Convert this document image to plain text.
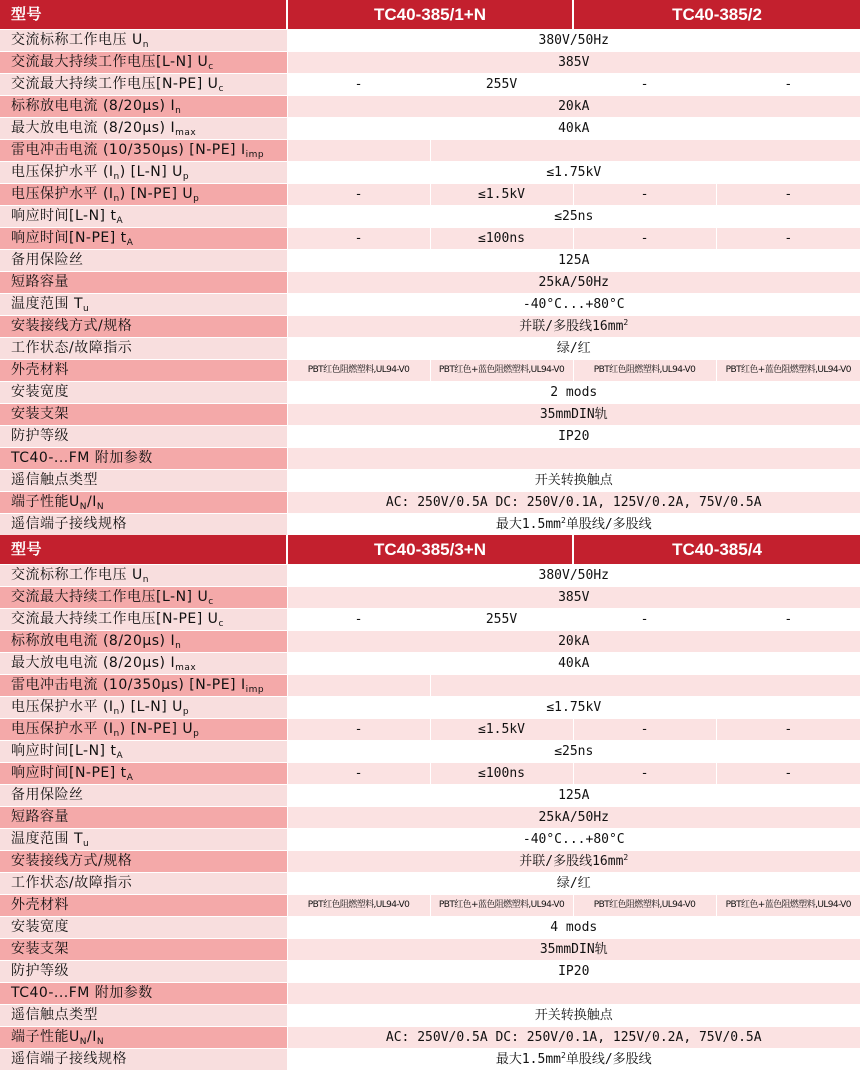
型号	TC40-385/1+N		TC40-385/2	
交流标称工作电压 $U_n$	380V/50Hz			
交流最大持续工作电压[L-N] $U_c$	385V			
交流最大持续工作电压[N-PE] $U_c$	-	255V	-	-
标称放电电流 (8/20μs) $I_n$	20kA			
最大放电电流 (8/20μs) $I_{max}$	40kA			
雷电冲击电流 (10/350μs) [N-PE] $I_{imp}$		
电压保护水平 $(I_n)$ [L-N] $U_p$	≤1.75kV			
电压保护水平 $(I_n)$ [N-PE] $U_p$	-	≤1.5kV	-	-
响应时间[L-N] $t_A$	≤25ns			
响应时间[N-PE] $t_A$	-	≤100ns	-	-
备用保险丝	125A			
短路容量	25kA/50Hz			
温度范围 $T_u$	-40°C...+80°C			
安装接线方式/规格	并联/多股线$16mm^2$
工作状态/故障指示	绿/红			
外壳材料	PBT红色阻燃塑料,UL94-V0	PBT红色+蓝色阻燃塑料,UL94-V0	PBT红色阻燃塑料,UL94-V0	PBT红色+蓝色阻燃塑料,UL94-V0
安装宽度	2 mods			
安装支架	35mmDIN轨			
防护等级	IP20			
TC40-...FM 附加参数				
遥信触点类型	开关转换触点			
端子性能$U_N/I_N$	AC: 250V/0.5A DC: 250V/0.1A, 125V/0.2A, 75V/0.5A			
遥信端子接线规格	最大$1.5mm^2$单股线/多股线			
型号	TC40-385/3+N		TC40-385/4	
交流标称工作电压 $U_n$	380V/50Hz			
交流最大持续工作电压[L-N] $U_c$	385V			
交流最大持续工作电压[N-PE] $U_c$	-	255V	-	-
标称放电电流 (8/20μs) $I_n$	20kA			
最大放电电流 (8/20μs) $I_{max}$	40kA			
雷电冲击电流 (10/350μs) [N-PE] $I_{imp}$		
电压保护水平 $(I_n)$ [L-N] $U_p$	≤1.75kV			
电压保护水平 $(I_n)$ [N-PE] $U_p$	-	≤1.5kV	-	-
响应时间[L-N] $t_A$	≤25ns			
响应时间[N-PE] $t_A$	-	≤100ns	-	-
备用保险丝	125A			
短路容量	25kA/50Hz			
温度范围 $T_u$	-40°C...+80°C			
安装接线方式/规格	并联/多股线$16mm^2$
工作状态/故障指示	绿/红			
外壳材料	PBT红色阻燃塑料,UL94-V0	PBT红色+蓝色阻燃塑料,UL94-V0	PBT红色阻燃塑料,UL94-V0	PBT红色+蓝色阻燃塑料,UL94-V0
安装宽度	4 mods			
安装支架	35mmDIN轨			
防护等级	IP20			
TC40-...FM 附加参数				
遥信触点类型	开关转换触点			
端子性能$U_N/I_N$	AC: 250V/0.5A DC: 250V/0.1A, 125V/0.2A, 75V/0.5A			
遥信端子接线规格	最大$1.5mm^2$单股线/多股线			
